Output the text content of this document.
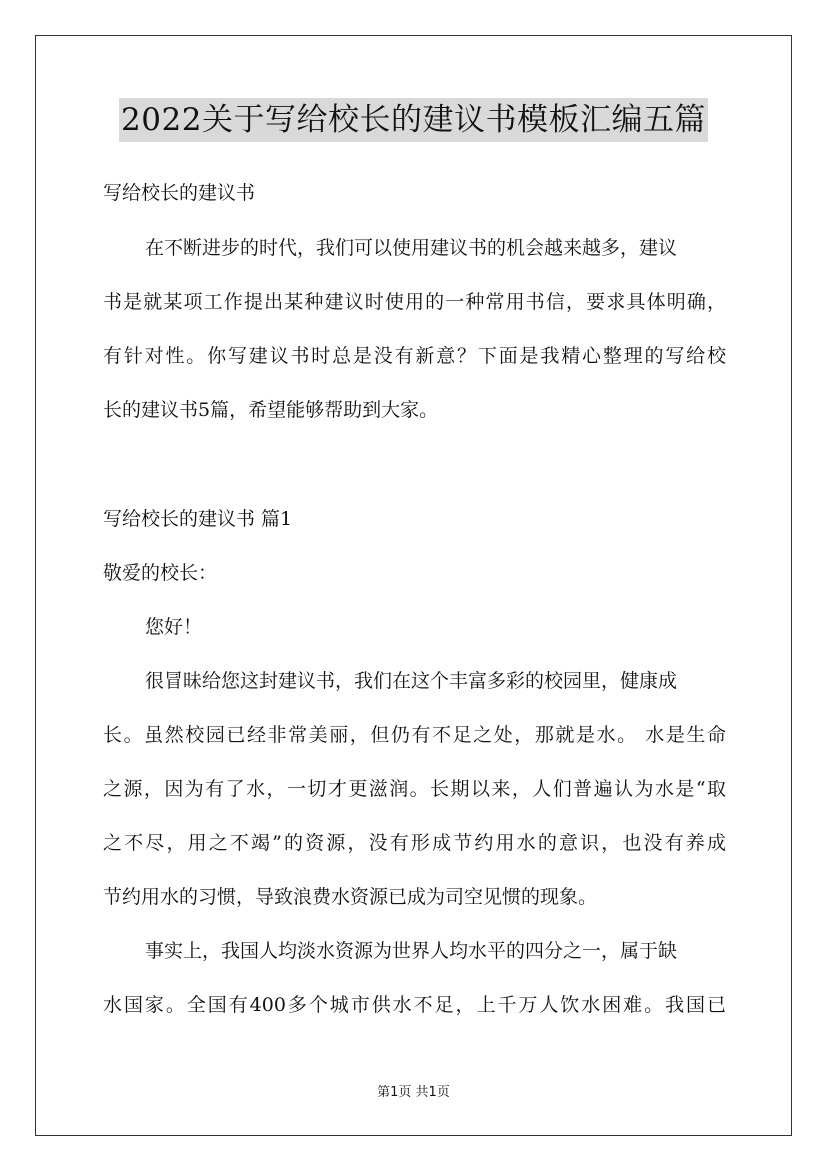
2022关于写给校长的建议书模板汇编五篇
写给校长的建议书
在不断进步的时代，我们可以使用建议书的机会越来越多，建议
书是就某项工作提出某种建议时使用的一种常用书信，要求具体明确，
有针对性。你写建议书时总是没有新意？下面是我精心整理的写给校
长的建议书5篇，希望能够帮助到大家。
写给校长的建议书 篇1
敬爱的校长：
您好！
很冒昧给您这封建议书，我们在这个丰富多彩的校园里，健康成
长。虽然校园已经非常美丽，但仍有不足之处，那就是水。 水是生命
之源，因为有了水，一切才更滋润。长期以来，人们普遍认为水是“取
之不尽，用之不竭”的资源，没有形成节约用水的意识，也没有养成
节约用水的习惯，导致浪费水资源已成为司空见惯的现象。
事实上，我国人均淡水资源为世界人均水平的四分之一，属于缺
水国家。全国有400多个城市供水不足，上千万人饮水困难。我国已
第1页 共1页
